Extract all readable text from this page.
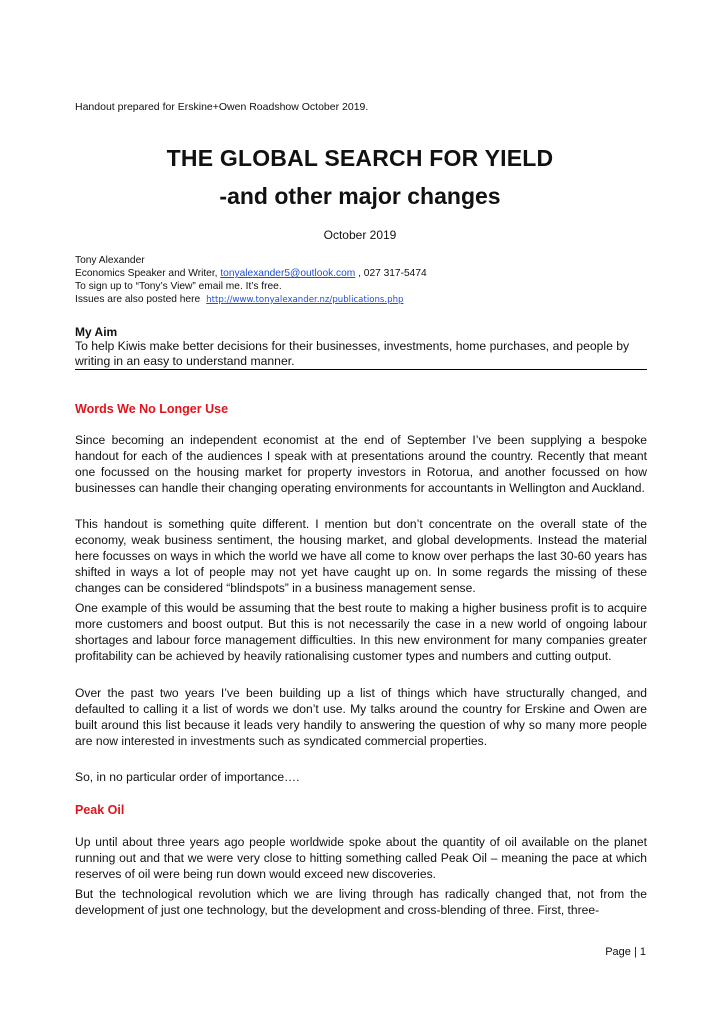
Handout prepared for Erskine+Owen Roadshow October 2019.
THE GLOBAL SEARCH FOR YIELD
-and other major changes
October 2019
Tony Alexander
Economics Speaker and Writer, tonyalexander5@outlook.com , 027 317-5474
To sign up to “Tony’s View” email me. It’s free.
Issues are also posted here http://www.tonyalexander.nz/publications.php
My Aim
To help Kiwis make better decisions for their businesses, investments, home purchases, and people by writing in an easy to understand manner.
Words We No Longer Use
Since becoming an independent economist at the end of September I’ve been supplying a bespoke handout for each of the audiences I speak with at presentations around the country. Recently that meant one focussed on the housing market for property investors in Rotorua, and another focussed on how businesses can handle their changing operating environments for accountants in Wellington and Auckland.
This handout is something quite different. I mention but don’t concentrate on the overall state of the economy, weak business sentiment, the housing market, and global developments. Instead the material here focusses on ways in which the world we have all come to know over perhaps the last 30-60 years has shifted in ways a lot of people may not yet have caught up on. In some regards the missing of these changes can be considered “blindspots” in a business management sense.
One example of this would be assuming that the best route to making a higher business profit is to acquire more customers and boost output. But this is not necessarily the case in a new world of ongoing labour shortages and labour force management difficulties. In this new environment for many companies greater profitability can be achieved by heavily rationalising customer types and numbers and cutting output.
Over the past two years I’ve been building up a list of things which have structurally changed, and defaulted to calling it a list of words we don’t use. My talks around the country for Erskine and Owen are built around this list because it leads very handily to answering the question of why so many more people are now interested in investments such as syndicated commercial properties.
So, in no particular order of importance….
Peak Oil
Up until about three years ago people worldwide spoke about the quantity of oil available on the planet running out and that we were very close to hitting something called Peak Oil – meaning the pace at which reserves of oil were being run down would exceed new discoveries.
But the technological revolution which we are living through has radically changed that, not from the development of just one technology, but the development and cross-blending of three. First, three-
Page | 1
